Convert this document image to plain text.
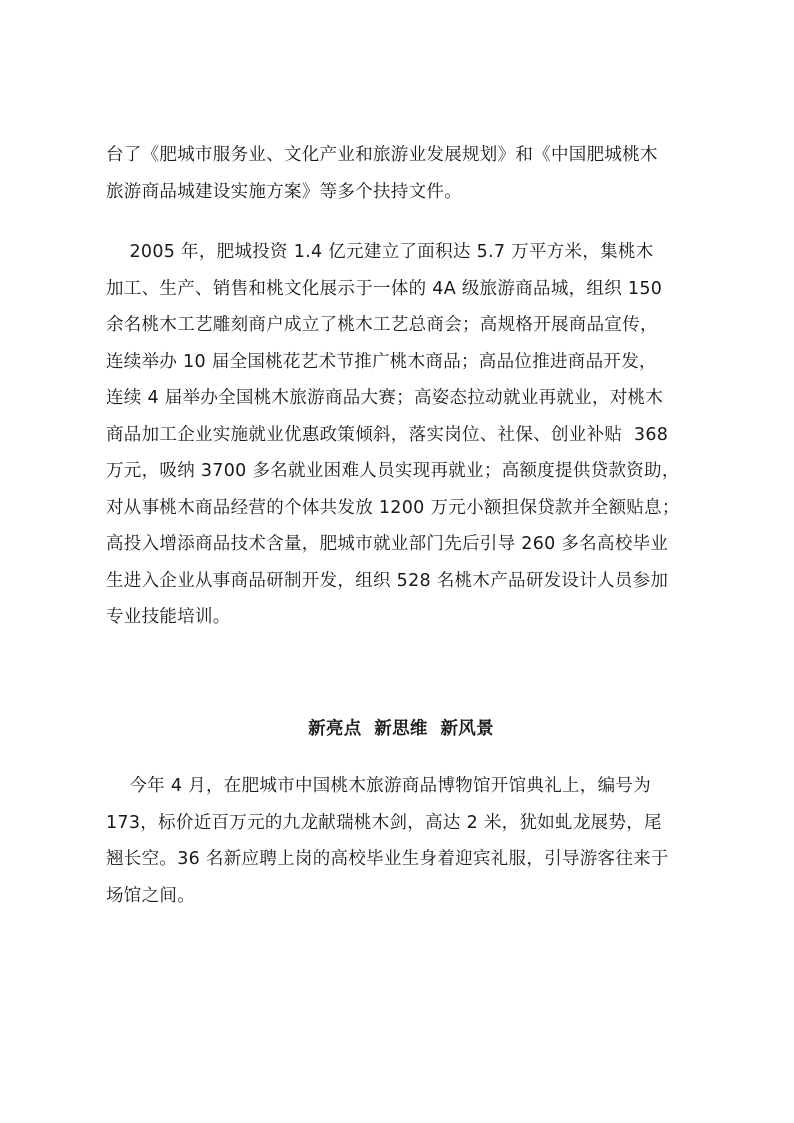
台了《肥城市服务业、文化产业和旅游业发展规划》和《中国肥城桃木
旅游商品城建设实施方案》等多个扶持文件。
2005 年，肥城投资 1.4 亿元建立了面积达 5.7 万平方米，集桃木
加工、生产、销售和桃文化展示于一体的 4A 级旅游商品城，组织 150
余名桃木工艺雕刻商户成立了桃木工艺总商会；高规格开展商品宣传，
连续举办 10 届全国桃花艺术节推广桃木商品；高品位推进商品开发，
连续 4 届举办全国桃木旅游商品大赛；高姿态拉动就业再就业，对桃木
商品加工企业实施就业优惠政策倾斜，落实岗位、社保、创业补贴  368
万元，吸纳 3700 多名就业困难人员实现再就业；高额度提供贷款资助，
对从事桃木商品经营的个体共发放 1200 万元小额担保贷款并全额贴息；
高投入增添商品技术含量，肥城市就业部门先后引导 260 多名高校毕业
生进入企业从事商品研制开发，组织 528 名桃木产品研发设计人员参加
专业技能培训。
新亮点  新思维  新风景
今年 4 月，在肥城市中国桃木旅游商品博物馆开馆典礼上，编号为
173，标价近百万元的九龙献瑞桃木剑，高达 2 米，犹如虬龙展势，尾
翘长空。36 名新应聘上岗的高校毕业生身着迎宾礼服，引导游客往来于
场馆之间。
